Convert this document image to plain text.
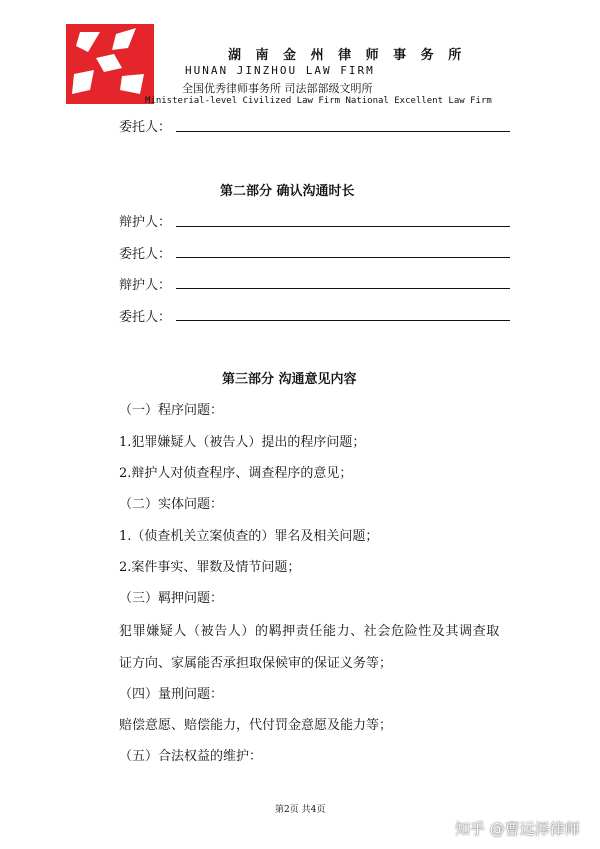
湖 南 金 州 律 师 事 务 所
HUNAN JINZHOU LAW FIRM
全国优秀律师事务所 司法部部级文明所
Ministerial-level Civilized Law Firm National Excellent Law Firm
委托人：
第二部分 确认沟通时长
辩护人：
委托人：
辩护人：
委托人：
第三部分 沟通意见内容
（一）程序问题：
1.犯罪嫌疑人（被告人）提出的程序问题；
2.辩护人对侦查程序、调查程序的意见；
（二）实体问题：
1.（侦查机关立案侦查的）罪名及相关问题；
2.案件事实、罪数及情节问题；
（三）羁押问题：
犯罪嫌疑人（被告人）的羁押责任能力、社会危险性及其调查取
证方向、家属能否承担取保候审的保证义务等；
（四）量刑问题：
赔偿意愿、赔偿能力，代付罚金意愿及能力等；
（五）合法权益的维护：
第2页 共4页
知乎 @曹远泽律师
